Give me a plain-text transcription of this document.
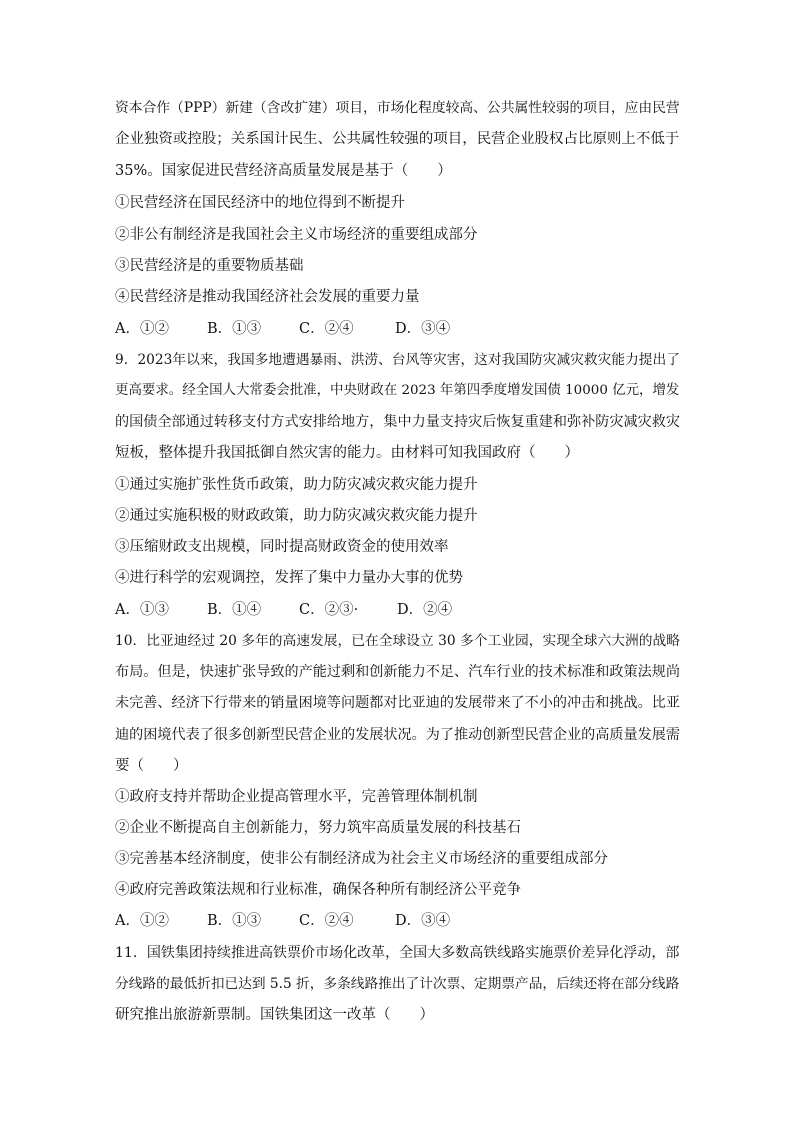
资本合作（PPP）新建（含改扩建）项目，市场化程度较高、公共属性较弱的项目，应由民营
企业独资或控股；关系国计民生、公共属性较强的项目，民营企业股权占比原则上不低于
35%。国家促进民营经济高质量发展是基于（　　）
①民营经济在国民经济中的地位得到不断提升
②非公有制经济是我国社会主义市场经济的重要组成部分
③民营经济是的重要物质基础
④民营经济是推动我国经济社会发展的重要力量
A．①②	B．①③	C．②④	D．③④
9．2023年以来，我国多地遭遇暴雨、洪涝、台风等灾害，这对我国防灾减灾救灾能力提出了
更高要求。经全国人大常委会批准，中央财政在 2023 年第四季度增发国债 10000 亿元，增发
的国债全部通过转移支付方式安排给地方，集中力量支持灾后恢复重建和弥补防灾减灾救灾
短板，整体提升我国抵御自然灾害的能力。由材料可知我国政府（　　）
①通过实施扩张性货币政策，助力防灾减灾救灾能力提升
②通过实施积极的财政政策，助力防灾减灾救灾能力提升
③压缩财政支出规模，同时提高财政资金的使用效率
④进行科学的宏观调控，发挥了集中力量办大事的优势
A．①③	B．①④	C．②③·	D．②④
10．比亚迪经过 20 多年的高速发展，已在全球设立 30 多个工业园，实现全球六大洲的战略
布局。但是，快速扩张导致的产能过剩和创新能力不足、汽车行业的技术标准和政策法规尚
未完善、经济下行带来的销量困境等问题都对比亚迪的发展带来了不小的冲击和挑战。比亚
迪的困境代表了很多创新型民营企业的发展状况。为了推动创新型民营企业的高质量发展需
要（　　）
①政府支持并帮助企业提高管理水平，完善管理体制机制
②企业不断提高自主创新能力，努力筑牢高质量发展的科技基石
③完善基本经济制度，使非公有制经济成为社会主义市场经济的重要组成部分
④政府完善政策法规和行业标准，确保各种所有制经济公平竞争
A．①②	B．①③	C．②④	D．③④
11．国铁集团持续推进高铁票价市场化改革，全国大多数高铁线路实施票价差异化浮动，部
分线路的最低折扣已达到 5.5 折，多条线路推出了计次票、定期票产品，后续还将在部分线路
研究推出旅游新票制。国铁集团这一改革（　　）
